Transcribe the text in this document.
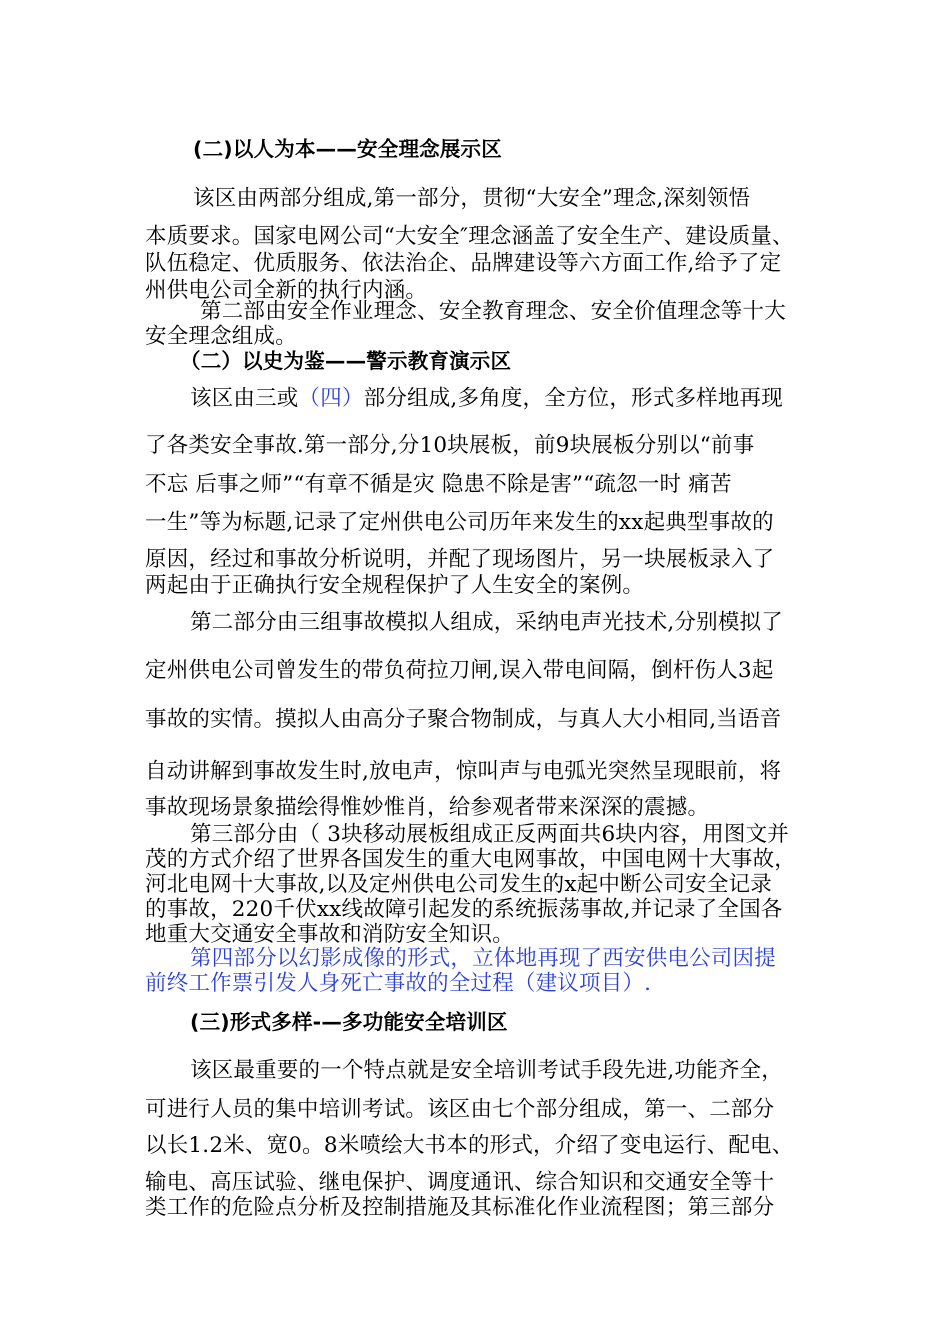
(二)以人为本——安全理念展示区
该区由两部分组成,第一部分，贯彻“大安全”理念,深刻领悟
本质要求。国家电网公司“大安全″理念涵盖了安全生产、建设质量、
队伍稳定、优质服务、依法治企、品牌建设等六方面工作,给予了定
州供电公司全新的执行内涵。
第二部由安全作业理念、安全教育理念、安全价值理念等十大
安全理念组成。
（二）以史为鉴——警示教育演示区
该区由三或（四）部分组成,多角度，全方位，形式多样地再现
了各类安全事故.第一部分,分10块展板，前9块展板分别以“前事
不忘 后事之师”“有章不循是灾 隐患不除是害”“疏忽一时 痛苦
一生”等为标题,记录了定州供电公司历年来发生的xx起典型事故的
原因，经过和事故分析说明，并配了现场图片，另一块展板录入了
两起由于正确执行安全规程保护了人生安全的案例。
第二部分由三组事故模拟人组成，采纳电声光技术,分别模拟了
定州供电公司曾发生的带负荷拉刀闸,误入带电间隔，倒杆伤人3起
事故的实情。摸拟人由高分子聚合物制成，与真人大小相同,当语音
自动讲解到事故发生时,放电声，惊叫声与电弧光突然呈现眼前，将
事故现场景象描绘得惟妙惟肖，给参观者带来深深的震撼。
第三部分由（ 3块移动展板组成正反两面共6块内容，用图文并
茂的方式介绍了世界各国发生的重大电网事故，中国电网十大事故，
河北电网十大事故,以及定州供电公司发生的x起中断公司安全记录
的事故，220千伏xx线故障引起发的系统振荡事故,并记录了全国各
地重大交通安全事故和消防安全知识。
第四部分以幻影成像的形式，立体地再现了西安供电公司因提
前终工作票引发人身死亡事故的全过程（建议项目）.
(三)形式多样-—多功能安全培训区
该区最重要的一个特点就是安全培训考试手段先进,功能齐全，
可进行人员的集中培训考试。该区由七个部分组成，第一、二部分
以长1.2米、宽0。8米喷绘大书本的形式，介绍了变电运行、配电、
输电、高压试验、继电保护、调度通讯、综合知识和交通安全等十
类工作的危险点分析及控制措施及其标准化作业流程图；第三部分
